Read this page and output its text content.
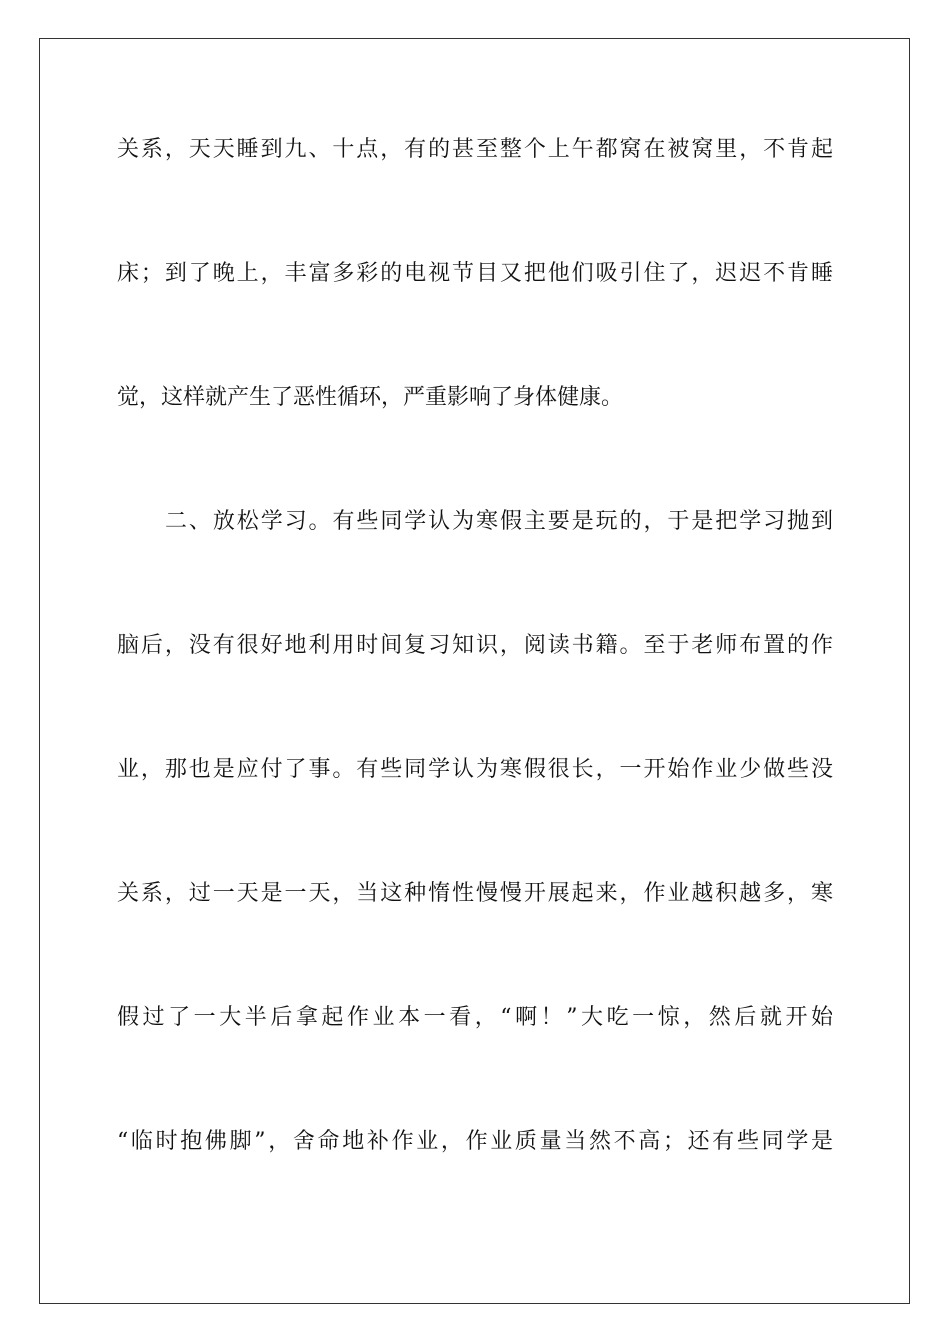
关系，天天睡到九、十点，有的甚至整个上午都窝在被窝里，不肯起
床；到了晚上，丰富多彩的电视节目又把他们吸引住了，迟迟不肯睡
觉，这样就产生了恶性循环，严重影响了身体健康。
二、放松学习。有些同学认为寒假主要是玩的，于是把学习抛到
脑后，没有很好地利用时间复习知识，阅读书籍。至于老师布置的作
业，那也是应付了事。有些同学认为寒假很长，一开始作业少做些没
关系，过一天是一天，当这种惰性慢慢开展起来，作业越积越多，寒
假过了一大半后拿起作业本一看，“啊！”大吃一惊，然后就开始
“临时抱佛脚”，舍命地补作业，作业质量当然不高；还有些同学是
